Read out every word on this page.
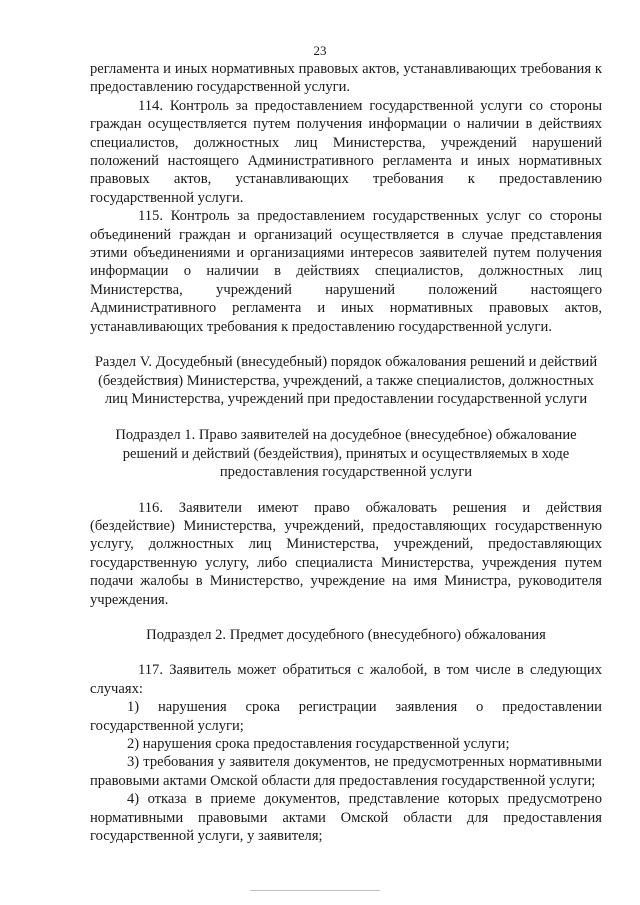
23

регламента и иных нормативных правовых актов, устанавливающих требования к предоставлению государственной услуги.

114. Контроль за предоставлением государственной услуги со стороны граждан осуществляется путем получения информации о наличии в действиях специалистов, должностных лиц Министерства, учреждений нарушений положений настоящего Административного регламента и иных нормативных правовых актов, устанавливающих требования к предоставлению государственной услуги.

115. Контроль за предоставлением государственных услуг со стороны объединений граждан и организаций осуществляется в случае представления этими объединениями и организациями интересов заявителей путем получения информации о наличии в действиях специалистов, должностных лиц Министерства, учреждений нарушений положений настоящего Административного регламента и иных нормативных правовых актов, устанавливающих требования к предоставлению государственной услуги.

Раздел V. Досудебный (внесудебный) порядок обжалования решений и действий (бездействия) Министерства, учреждений, а также специалистов, должностных лиц Министерства, учреждений при предоставлении государственной услуги

Подраздел 1. Право заявителей на досудебное (внесудебное) обжалование решений и действий (бездействия), принятых и осуществляемых в ходе предоставления государственной услуги

116. Заявители имеют право обжаловать решения и действия (бездействие) Министерства, учреждений, предоставляющих государственную услугу, должностных лиц Министерства, учреждений, предоставляющих государственную услугу, либо специалиста Министерства, учреждения путем подачи жалобы в Министерство, учреждение на имя Министра, руководителя учреждения.

Подраздел 2. Предмет досудебного (внесудебного) обжалования

117. Заявитель может обратиться с жалобой, в том числе в следующих случаях:

1) нарушения срока регистрации заявления о предоставлении государственной услуги;

2) нарушения срока предоставления государственной услуги;

3) требования у заявителя документов, не предусмотренных нормативными правовыми актами Омской области для предоставления государственной услуги;

4) отказа в приеме документов, представление которых предусмотрено нормативными правовыми актами Омской области для предоставления государственной услуги, у заявителя;
